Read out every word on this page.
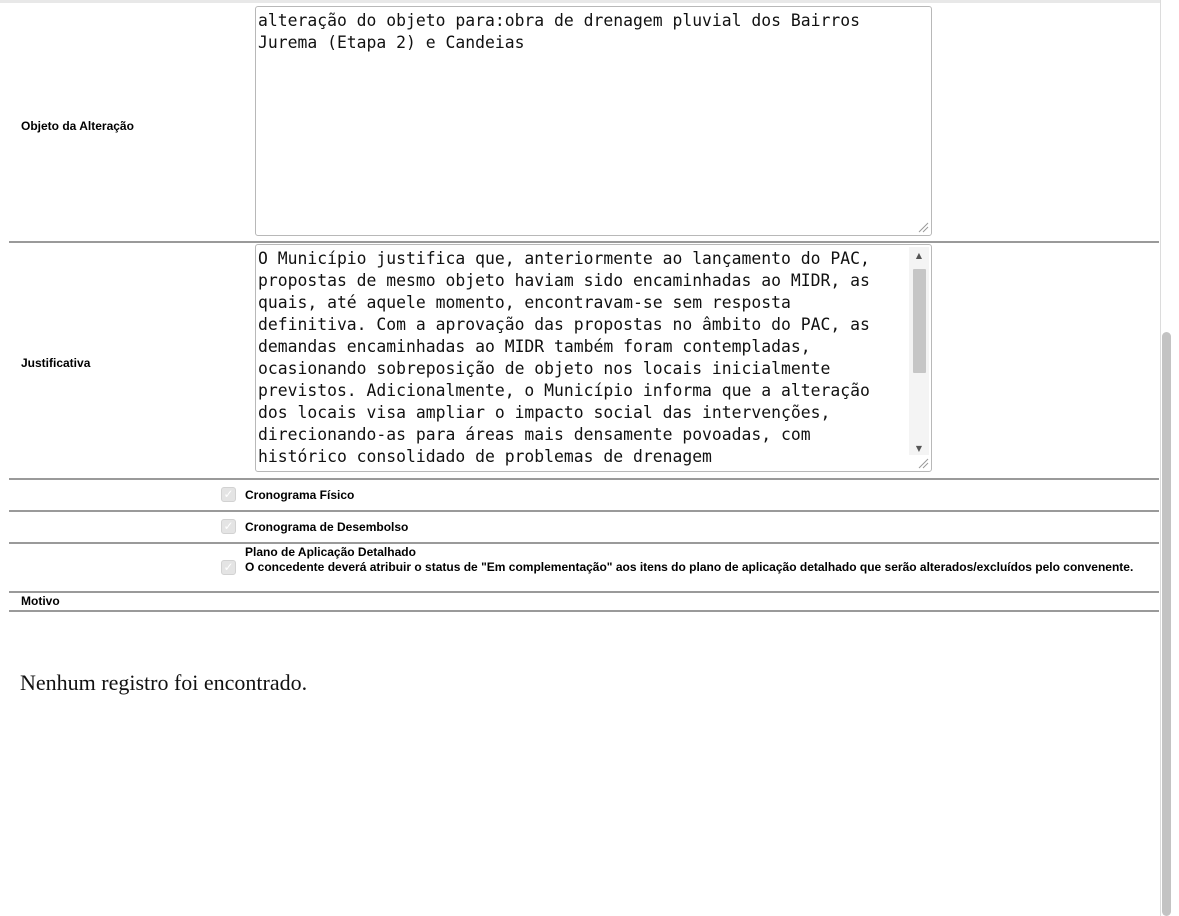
Objeto da Alteração

alteração do objeto para:obra de drenagem pluvial dos Bairros Jurema (Etapa 2) e Candeias

Justificativa

O Município justifica que, anteriormente ao lançamento do PAC, propostas de mesmo objeto haviam sido encaminhadas ao MIDR, as quais, até aquele momento, encontravam-se sem resposta definitiva. Com a aprovação das propostas no âmbito do PAC, as demandas encaminhadas ao MIDR também foram contempladas, ocasionando sobreposição de objeto nos locais inicialmente previstos. Adicionalmente, o Município informa que a alteração dos locais visa ampliar o impacto social das intervenções, direcionando-as para áreas mais densamente povoadas, com histórico consolidado de problemas de drenagem

▲
▼
✓ Cronograma Físico
✓ Cronograma de Desembolso
✓
Plano de Aplicação Detalhado
O concedente deverá atribuir o status de "Em complementação" aos itens do plano de aplicação detalhado que serão alterados/excluídos pelo convenente.
Motivo
Nenhum registro foi encontrado.
